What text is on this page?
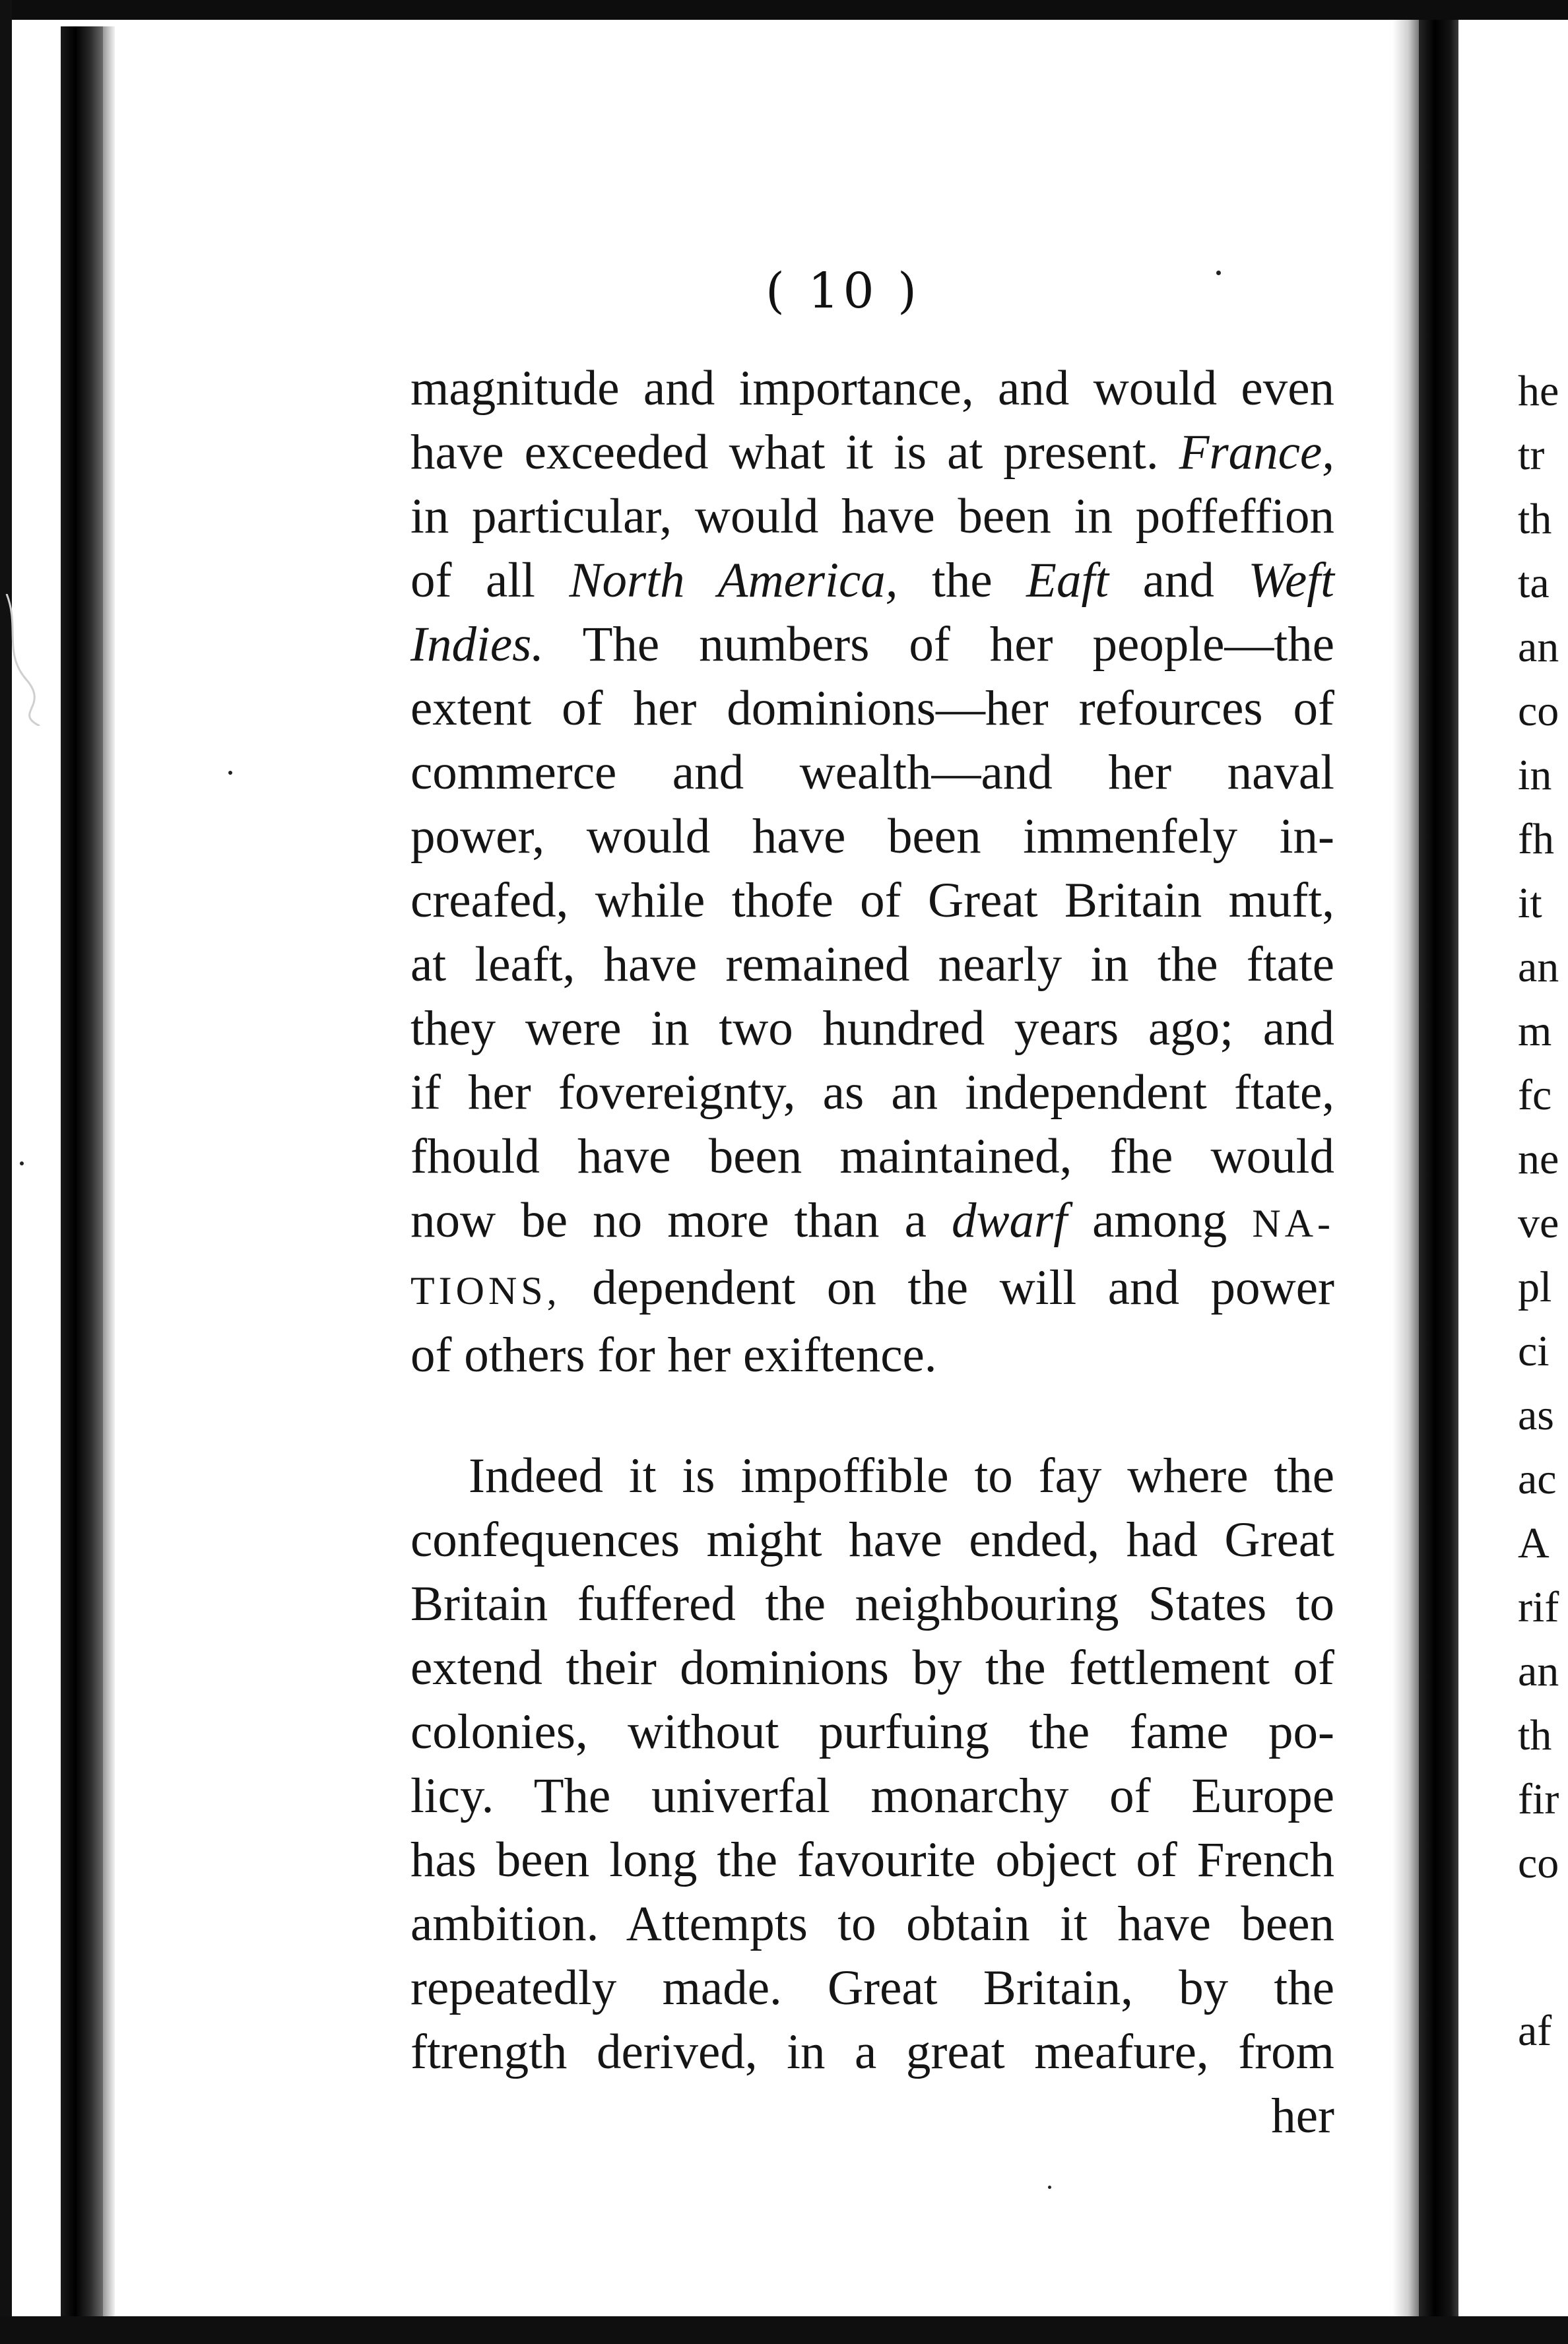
( 10 )
magnitude and importance, and would even
have exceeded what it is at present. France,
in particular, would have been in poffeffion
of all North America, the Eaft and Weft
Indies. The numbers of her people—the
extent of her dominions—her refources of
commerce and wealth—and her naval
power, would have been immenfely in-
creafed, while thofe of Great Britain muft,
at leaft, have remained nearly in the ftate
they were in two hundred years ago; and
if her fovereignty, as an independent ftate,
fhould have been maintained, fhe would
now be no more than a dwarf among NA-
TIONS, dependent on the will and power
of others for her exiftence.
Indeed it is impoffible to fay where the
confequences might have ended, had Great
Britain fuffered the neighbouring States to
extend their dominions by the fettlement of
colonies, without purfuing the fame po-
licy. The univerfal monarchy of Europe
has been long the favourite object of French
ambition. Attempts to obtain it have been
repeatedly made. Great Britain, by the
ftrength derived, in a great meafure, from
her
he
tr
th
ta
an
co
in
fh
it
an
m
fc
ne
ve
pl
ci
as
ac
A
rif
an
th
fir
co
af
